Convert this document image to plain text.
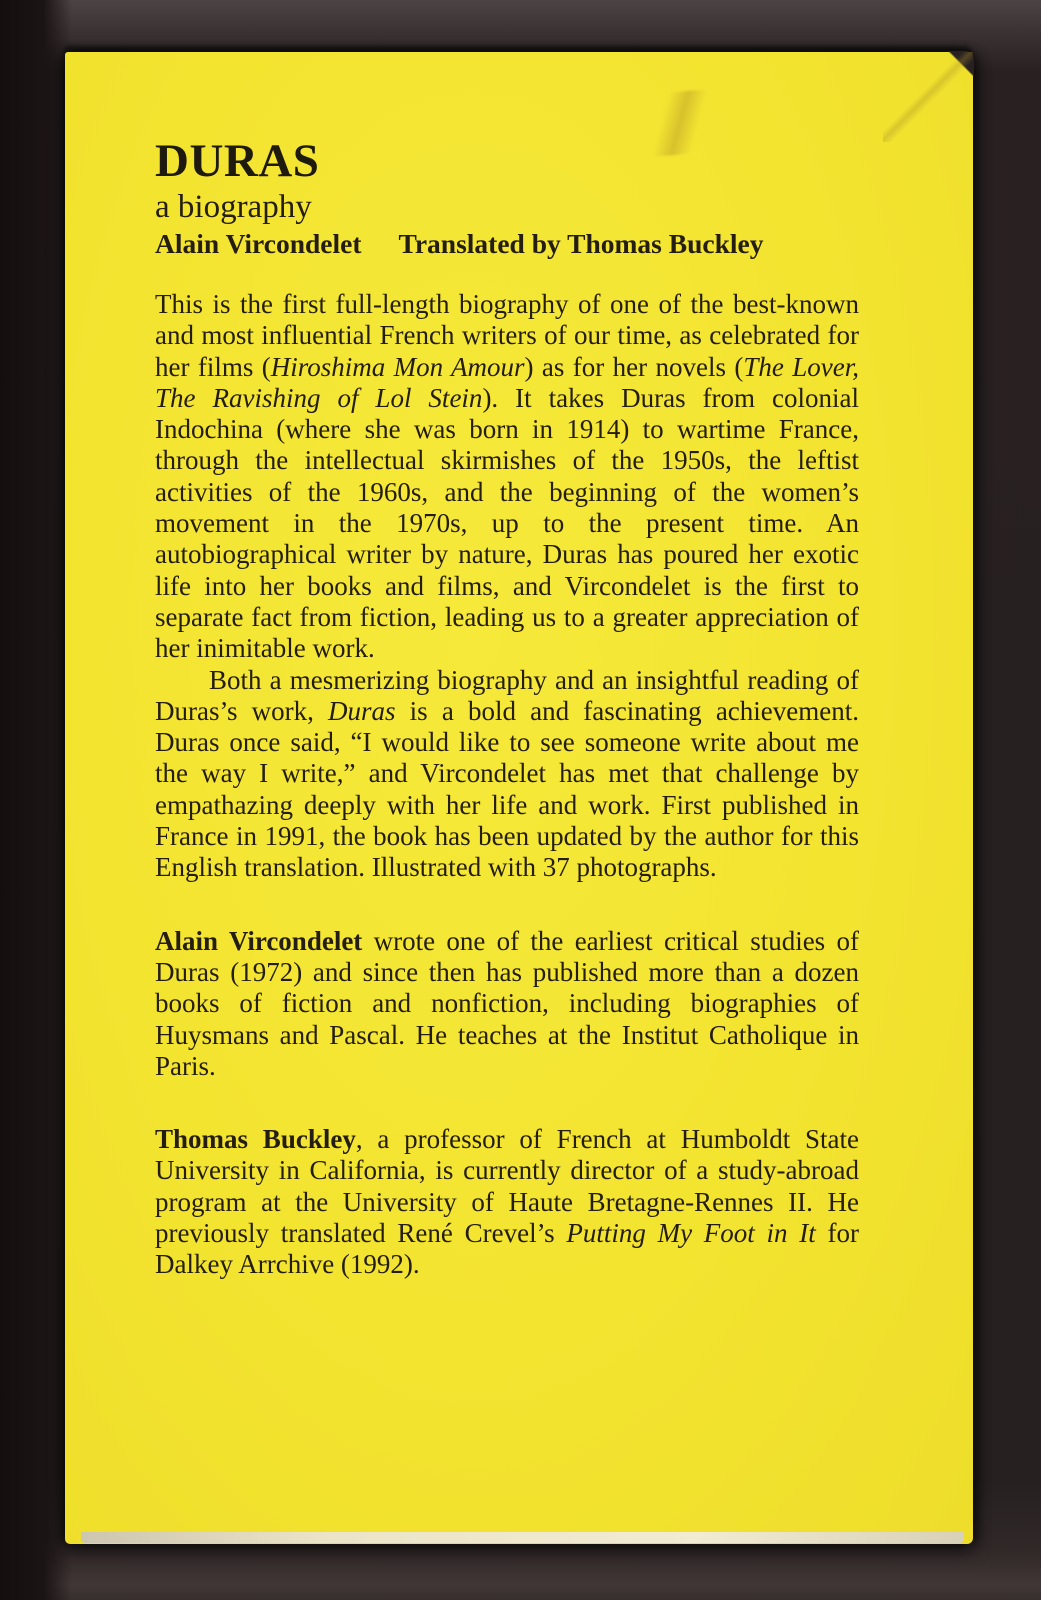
DURAS
a biography
Alain Vircondelet Translated by Thomas Buckley

This is the first full-length biography of one of the best-known and most influential French writers of our time, as celebrated for her films (Hiroshima Mon Amour) as for her novels (The Lover, The Ravishing of Lol Stein). It takes Duras from colonial Indochina (where she was born in 1914) to wartime France, through the intellectual skirmishes of the 1950s, the leftist activities of the 1960s, and the beginning of the women’s movement in the 1970s, up to the present time. An autobiographical writer by nature, Duras has poured her exotic life into her books and films, and Vircondelet is the first to separate fact from fiction, leading us to a greater appreciation of her inimitable work.

Both a mesmerizing biography and an insightful reading of Duras’s work, Duras is a bold and fascinating achievement. Duras once said, “I would like to see someone write about me the way I write,” and Vircondelet has met that challenge by empathazing deeply with her life and work. First published in France in 1991, the book has been updated by the author for this English translation. Illustrated with 37 photographs.

Alain Vircondelet wrote one of the earliest critical studies of Duras (1972) and since then has published more than a dozen books of fiction and nonfiction, including biographies of Huysmans and Pascal. He teaches at the Institut Catholique in Paris.

Thomas Buckley, a professor of French at Humboldt State University in California, is currently director of a study-abroad program at the University of Haute Bretagne-Rennes II. He previously translated René Crevel’s Putting My Foot in It for Dalkey Arrchive (1992).
